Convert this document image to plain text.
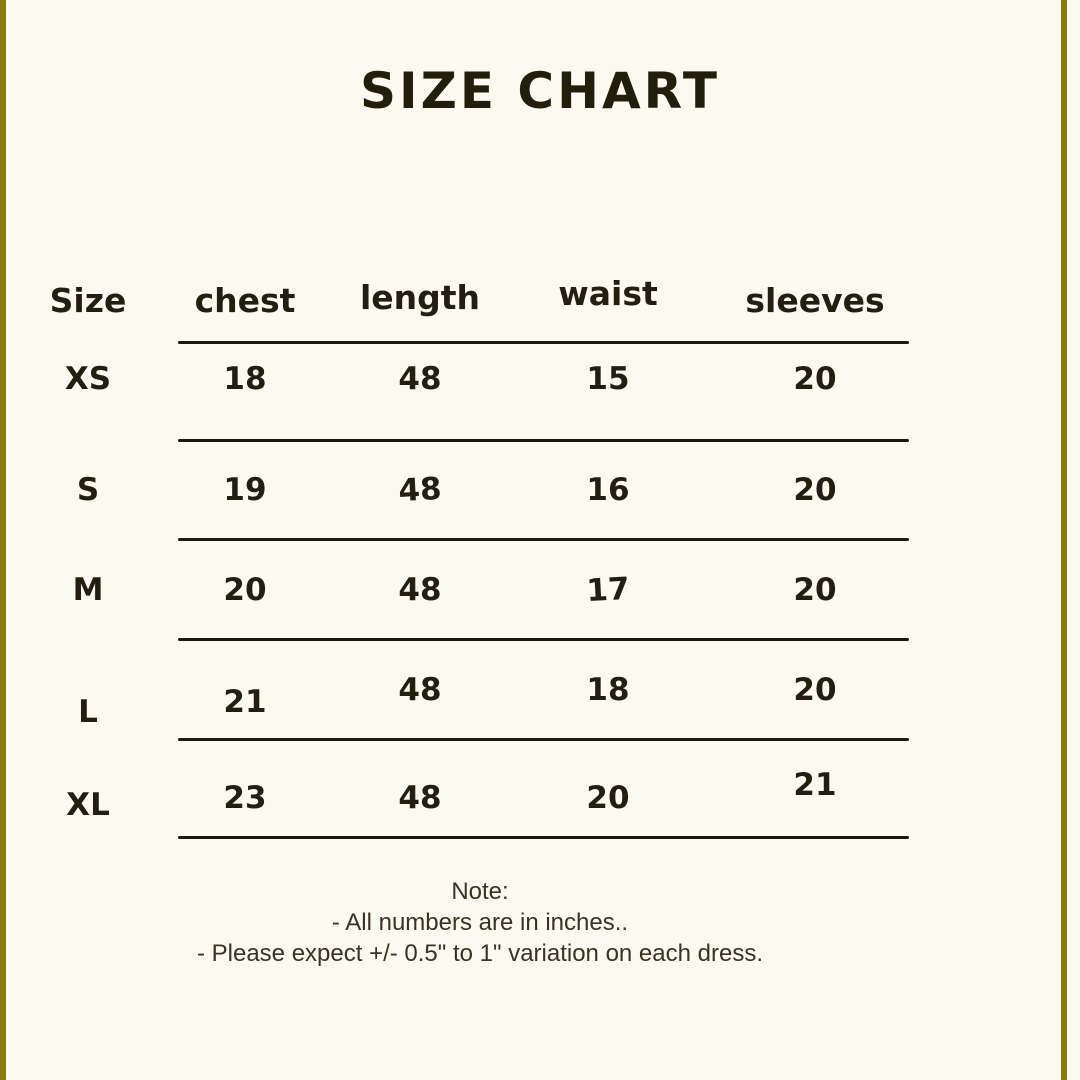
SIZE CHART
Size	chest	length	waist	sleeves
XS	18	48	15	20
S	19	48	16	20
M	20	48	17	20
L	21	48	18	20
XL	23	48	20	21
Note:
- All numbers are in inches..
- Please expect +/- 0.5" to 1" variation on each dress.
